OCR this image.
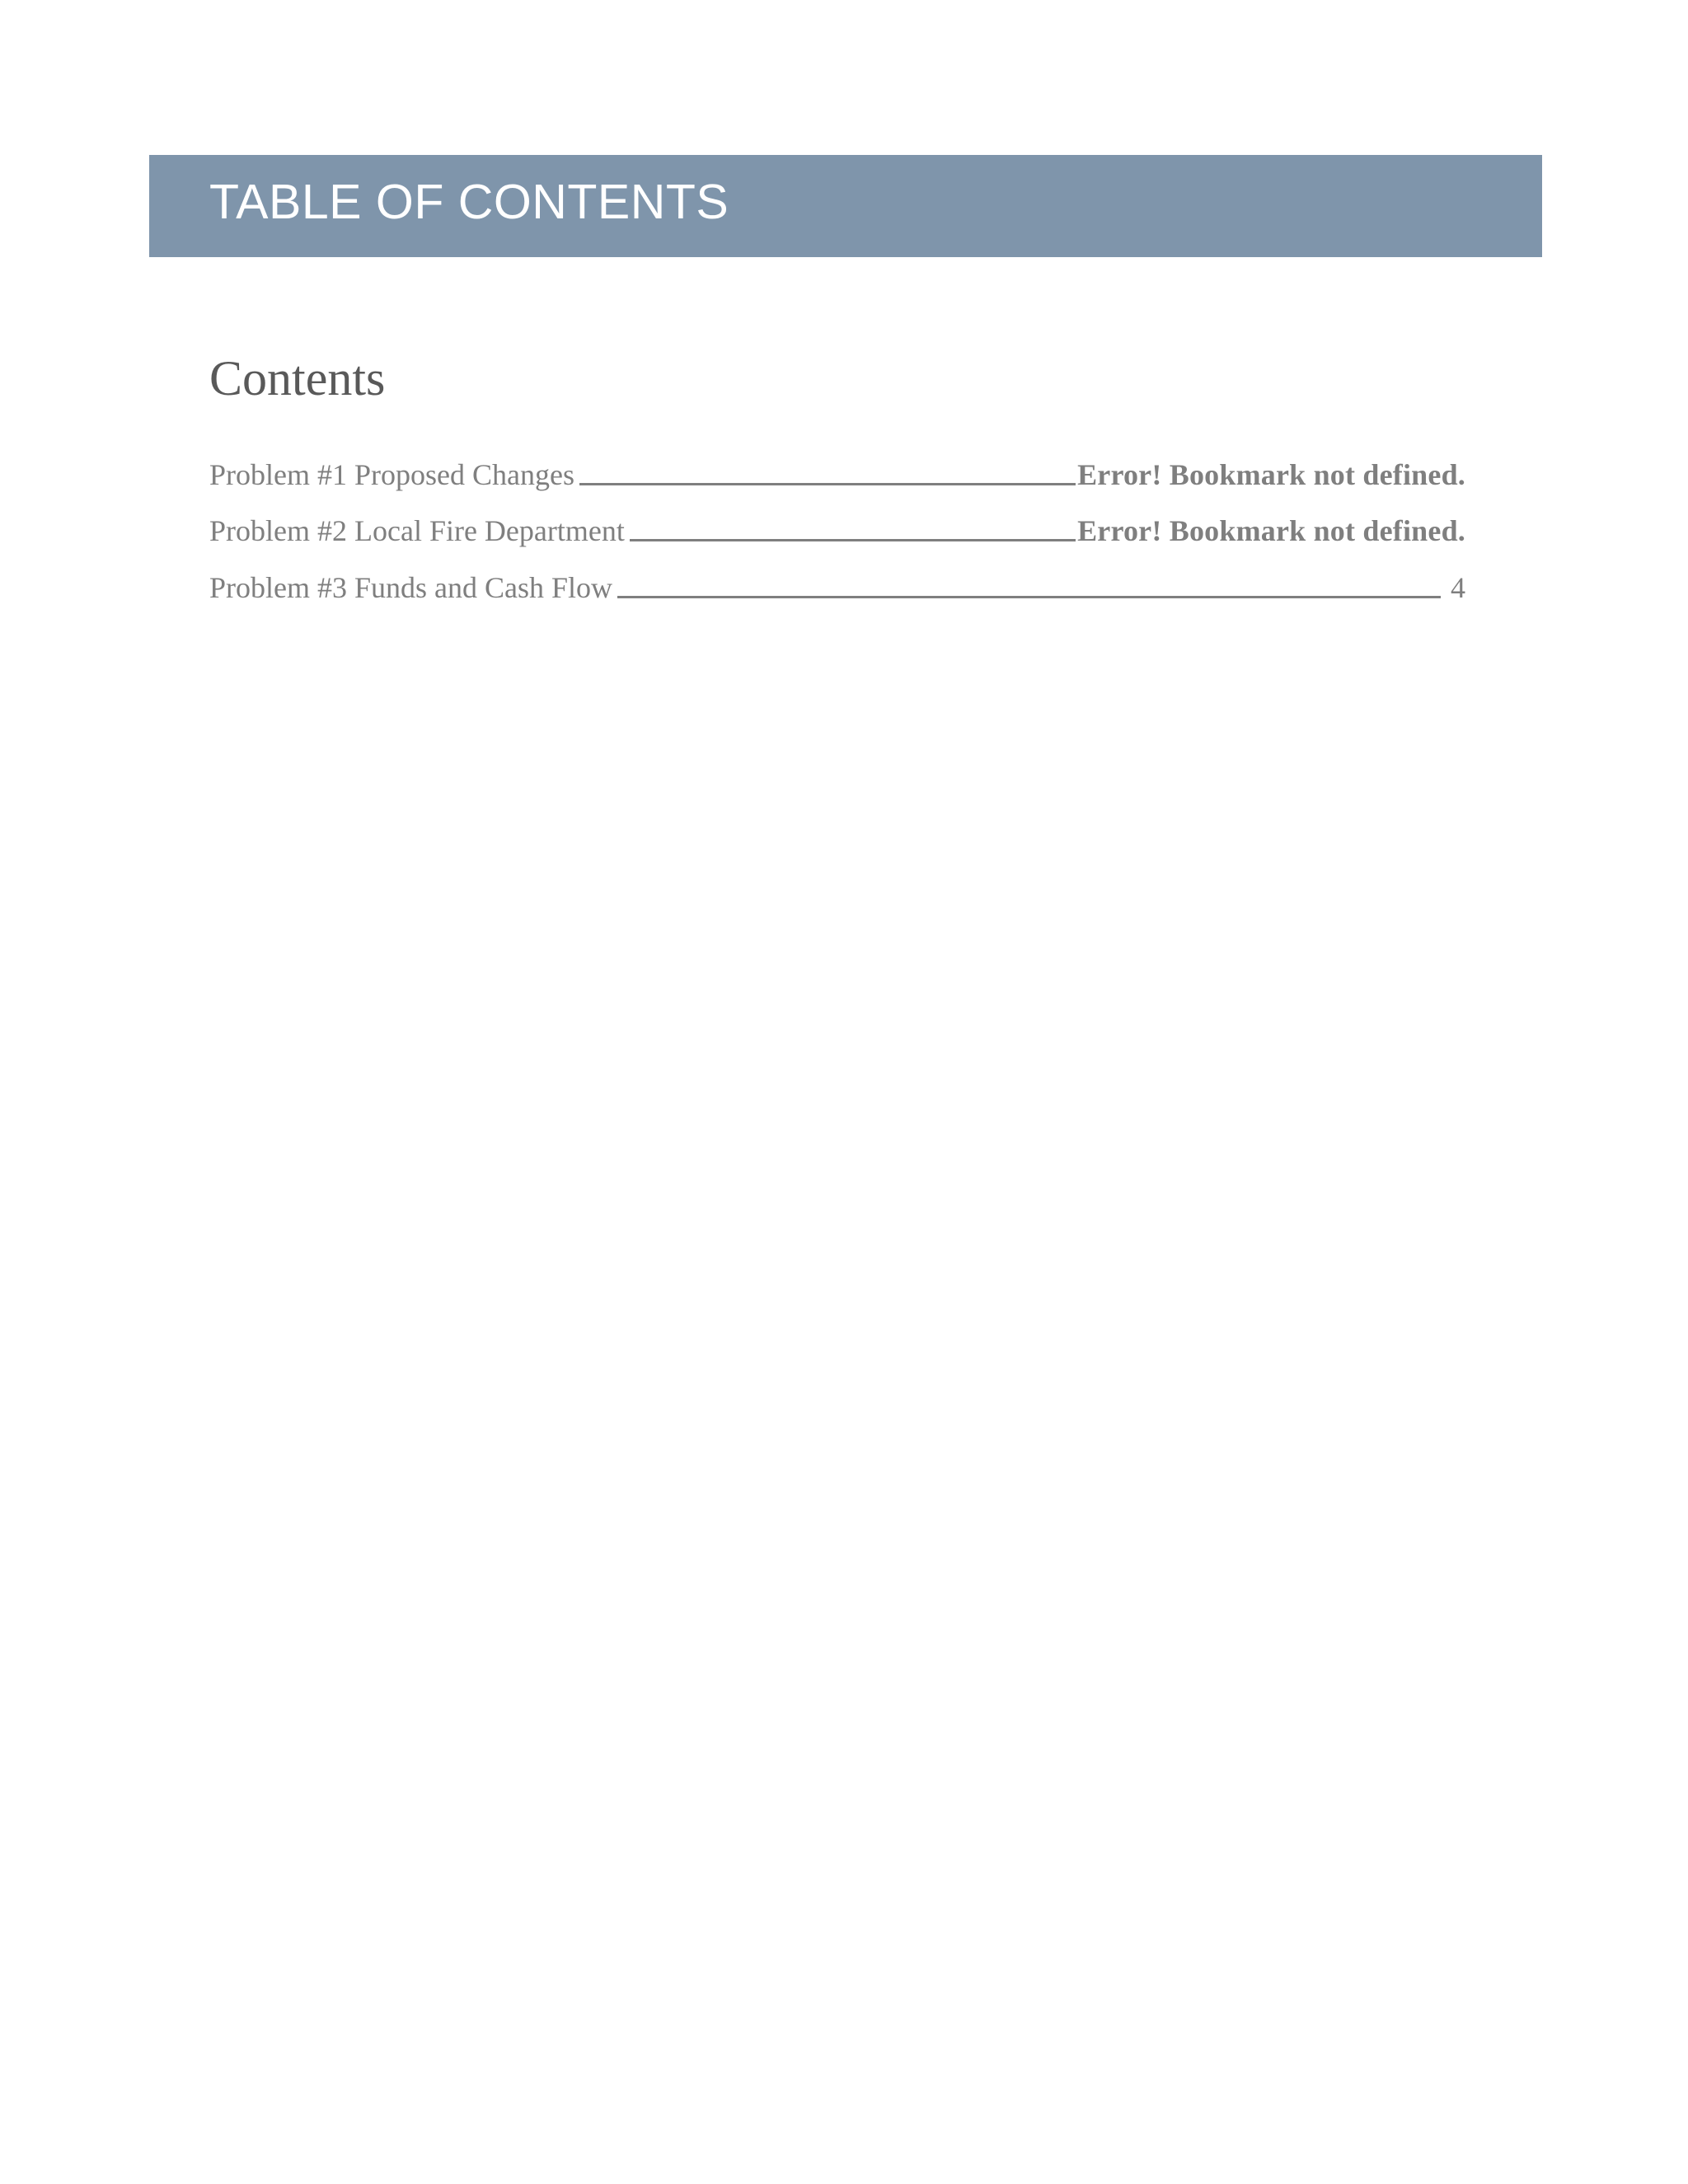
TABLE OF CONTENTS
Contents
Problem #1 Proposed Changes	Error! Bookmark not defined.
Problem #2 Local Fire Department	Error! Bookmark not defined.
Problem #3 Funds and Cash Flow	4
